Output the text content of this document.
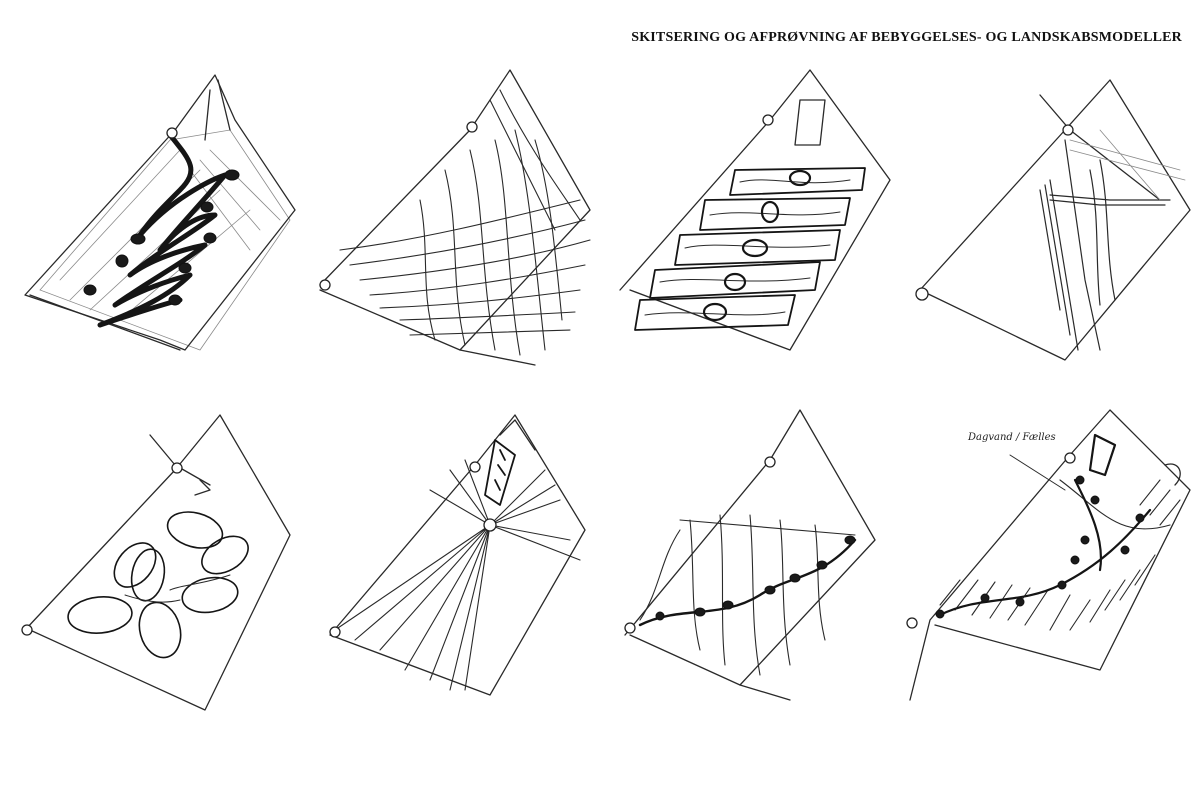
SKITSERING OG AFPRØVNING AF BEBYGGELSES- OG LANDSKABSMODELLER
Dagvand / Fælles
